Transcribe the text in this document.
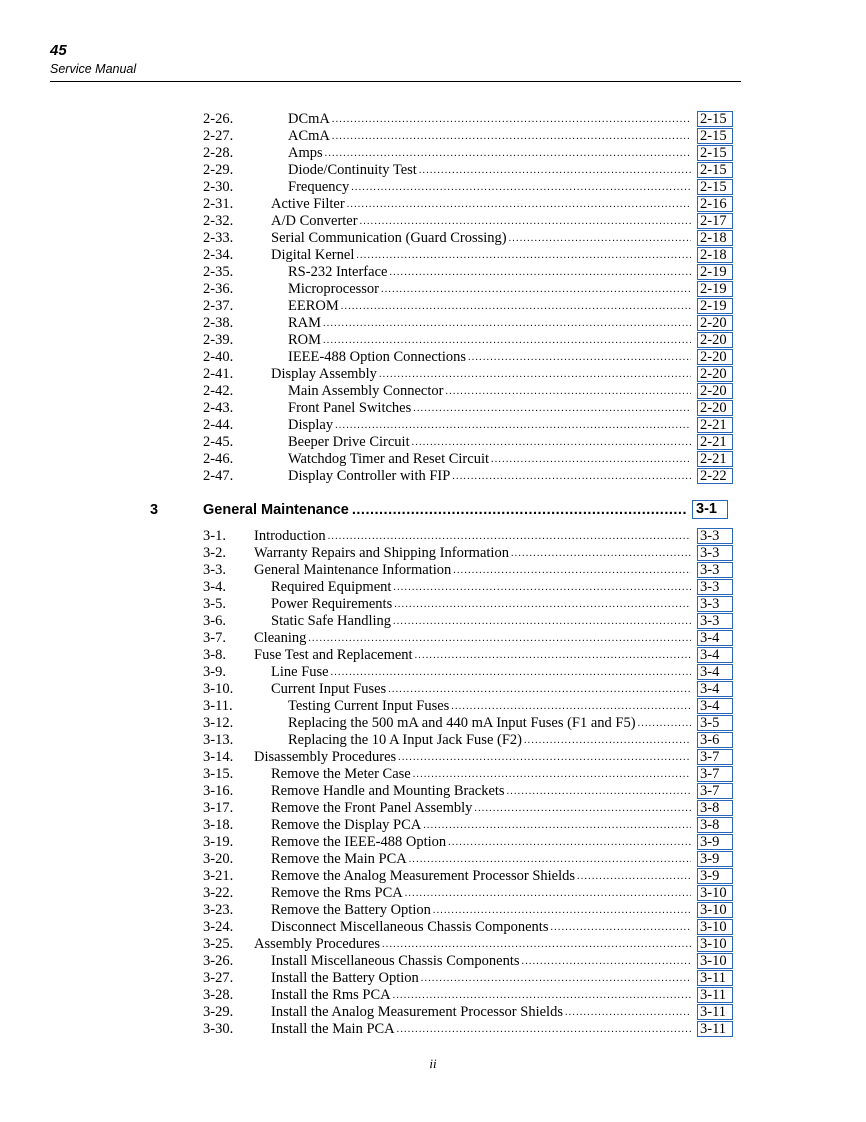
45
Service Manual
2-26.	DCmA .....	2-15
2-27.	ACmA .....	2-15
2-28.	Amps .....	2-15
2-29.	Diode/Continuity Test .....	2-15
2-30.	Frequency .....	2-15
2-31.	Active Filter .....	2-16
2-32.	A/D Converter .....	2-17
2-33.	Serial Communication (Guard Crossing) .....	2-18
2-34.	Digital Kernel .....	2-18
2-35.	RS-232 Interface .....	2-19
2-36.	Microprocessor .....	2-19
2-37.	EEROM .....	2-19
2-38.	RAM .....	2-20
2-39.	ROM .....	2-20
2-40.	IEEE-488 Option Connections .....	2-20
2-41.	Display Assembly .....	2-20
2-42.	Main Assembly Connector .....	2-20
2-43.	Front Panel Switches .....	2-20
2-44.	Display .....	2-21
2-45.	Beeper Drive Circuit .....	2-21
2-46.	Watchdog Timer and Reset Circuit .....	2-21
2-47.	Display Controller with FIP .....	2-22
3	General Maintenance .....	3-1
3-1. Introduction .....	3-3
3-2. Warranty Repairs and Shipping Information .....	3-3
3-3. General Maintenance Information .....	3-3
3-4.	Required Equipment .....	3-3
3-5.	Power Requirements .....	3-3
3-6.	Static Safe Handling .....	3-3
3-7. Cleaning .....	3-4
3-8. Fuse Test and Replacement .....	3-4
3-9.	Line Fuse .....	3-4
3-10.	Current Input Fuses .....	3-4
3-11.	Testing Current Input Fuses .....	3-4
3-12.	Replacing the 500 mA and 440 mA Input Fuses (F1 and F5) .....	3-5
3-13.	Replacing the 10 A Input Jack Fuse (F2) .....	3-6
3-14. Disassembly Procedures .....	3-7
3-15.	Remove the Meter Case .....	3-7
3-16.	Remove Handle and Mounting Brackets .....	3-7
3-17.	Remove the Front Panel Assembly .....	3-8
3-18.	Remove the Display PCA .....	3-8
3-19.	Remove the IEEE-488 Option .....	3-9
3-20.	Remove the Main PCA .....	3-9
3-21.	Remove the Analog Measurement Processor Shields .....	3-9
3-22.	Remove the Rms PCA .....	3-10
3-23.	Remove the Battery Option .....	3-10
3-24.	Disconnect Miscellaneous Chassis Components .....	3-10
3-25. Assembly Procedures .....	3-10
3-26.	Install Miscellaneous Chassis Components .....	3-10
3-27.	Install the Battery Option .....	3-11
3-28.	Install the Rms PCA .....	3-11
3-29.	Install the Analog Measurement Processor Shields .....	3-11
3-30.	Install the Main PCA .....	3-11
ii
